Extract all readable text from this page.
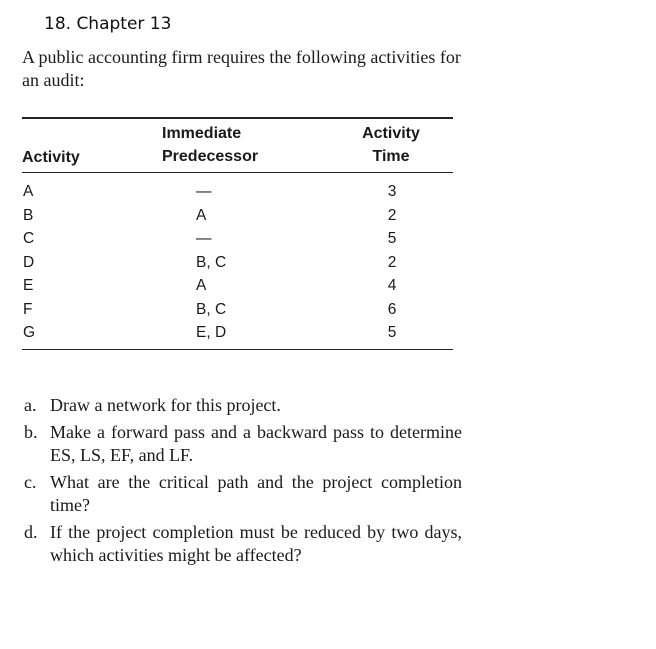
18. Chapter 13
A public accounting firm requires the following activities for an audit:
Activity
Immediate
Predecessor
Activity
Time
A
B
C
D
E
F
G
—
A
—
B, C
A
B, C
E, D
3
2
5
2
4
6
5
a. Draw a network for this project.
b. Make a forward pass and a backward pass to determine ES, LS, EF, and LF.
c. What are the critical path and the project completion time?
d. If the project completion must be reduced by two days, which activities might be affected?
